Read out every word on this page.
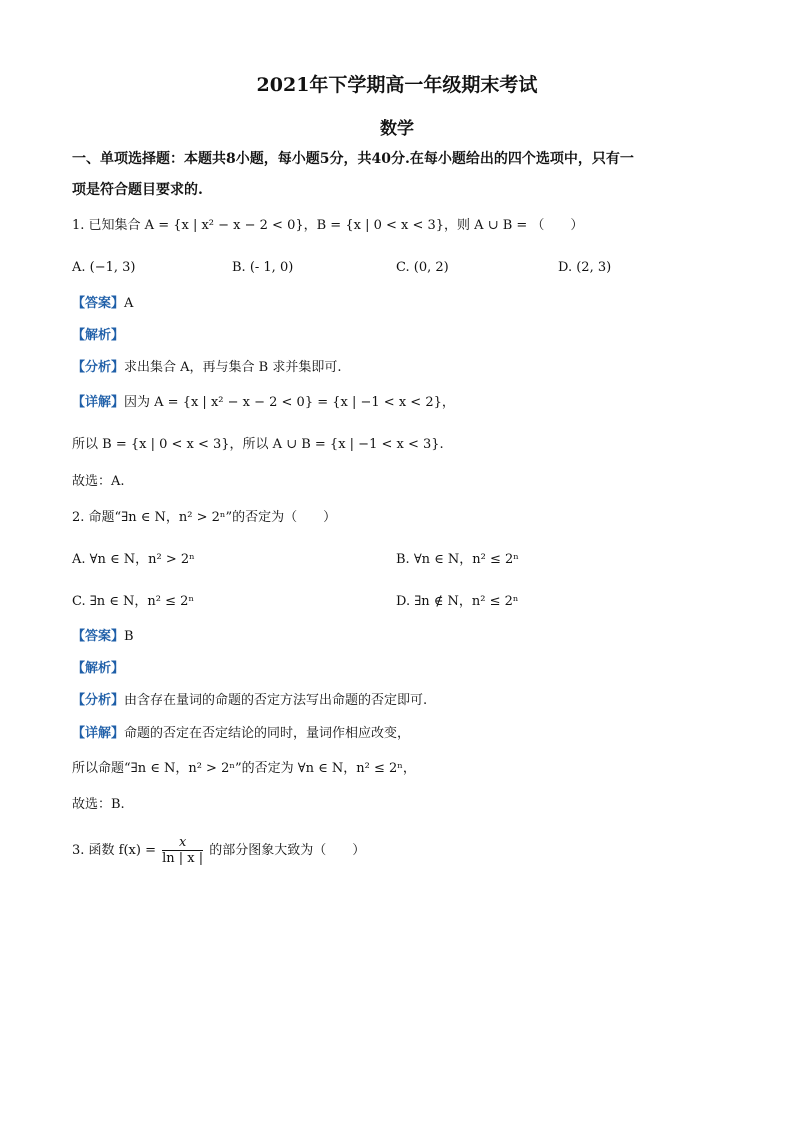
2021年下学期高一年级期末考试
数学
一、单项选择题：本题共8小题，每小题5分，共40分.在每小题给出的四个选项中，只有一
项是符合题目要求的.
1. 已知集合 A = {x | x² − x − 2 < 0}，B = {x | 0 < x < 3}，则 A ∪ B = （　　）
A. (−1, 3)	B. (- 1, 0)	C. (0, 2)	D. (2, 3)
【答案】A
【解析】
【分析】求出集合 A，再与集合 B 求并集即可.
【详解】因为 A = {x | x² − x − 2 < 0} = {x | −1 < x < 2}，
所以 B = {x | 0 < x < 3}，所以 A ∪ B = {x | −1 < x < 3}.
故选：A.
2. 命题“∃n ∈ N，n² > 2ⁿ”的否定为（　　）
A. ∀n ∈ N，n² > 2ⁿ	B. ∀n ∈ N，n² ≤ 2ⁿ
C. ∃n ∈ N，n² ≤ 2ⁿ	D. ∃n ∉ N，n² ≤ 2ⁿ
【答案】B
【解析】
【分析】由含存在量词的命题的否定方法写出命题的否定即可.
【详解】命题的否定在否定结论的同时，量词作相应改变，
所以命题“∃n ∈ N，n² > 2ⁿ”的否定为 ∀n ∈ N，n² ≤ 2ⁿ，
故选：B.
3. 函数 $f(x) = \frac{x}{\ln | x |}$ 的部分图象大致为（　　）
